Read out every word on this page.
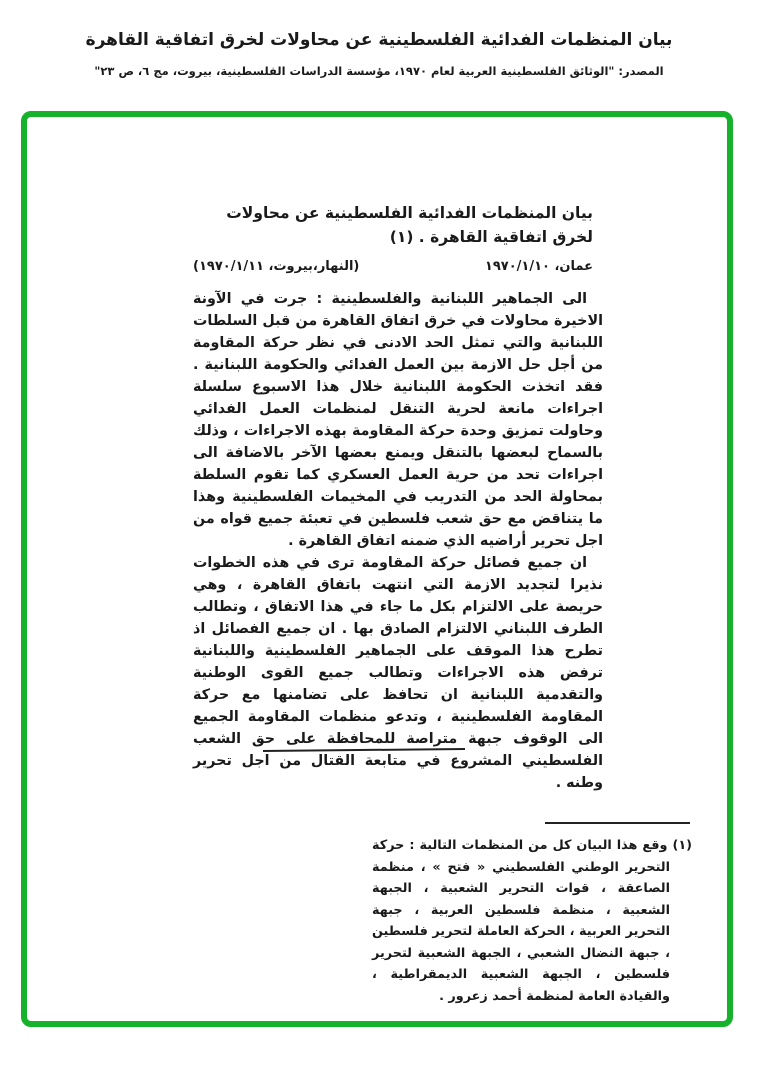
بيان المنظمات الفدائية الفلسطينية عن محاولات لخرق اتفاقية القاهرة
المصدر: "الوثائق الفلسطينية العربية لعام ١٩٧٠، مؤسسة الدراسات الفلسطينية، بيروت، مج ٦، ص ٢٣"
بيان المنظمات الفدائية الفلسطينية عن محاولات لخرق اتفاقية القاهرة . (١)
عمان، ١٩٧٠/١/١٠
(النهار،بيروت، ١٩٧٠/١/١١)

الى الجماهير اللبنانية والفلسطينية : جرت في الآونة الاخيرة محاولات في خرق اتفاق القاهرة من قبل السلطات اللبنانية والتي تمثل الحد الادنى في نظر حركة المقاومة من أجل حل الازمة بين العمل الفدائي والحكومة اللبنانية . فقد اتخذت الحكومة اللبنانية خلال هذا الاسبوع سلسلة اجراءات مانعة لحرية التنقل لمنظمات العمل الفدائي وحاولت تمزيق وحدة حركة المقاومة بهذه الاجراءات ، وذلك بالسماح لبعضها بالتنقل ويمنع بعضها الآخر بالاضافة الى اجراءات تحد من حرية العمل العسكري كما تقوم السلطة بمحاولة الحد من التدريب في المخيمات الفلسطينية وهذا ما يتناقض مع حق شعب فلسطين في تعبئة جميع قواه من اجل تحرير أراضيه الذي ضمنه اتفاق القاهرة .

ان جميع فصائل حركة المقاومة ترى في هذه الخطوات نذيرا لتجديد الازمة التي انتهت باتفاق القاهرة ، وهي حريصة على الالتزام بكل ما جاء في هذا الاتفاق ، وتطالب الطرف اللبناني الالتزام الصادق بها . ان جميع الفصائل اذ تطرح هذا الموقف على الجماهير الفلسطينية واللبنانية ترفض هذه الاجراءات وتطالب جميع القوى الوطنية والتقدمية اللبنانية ان تحافظ على تضامنها مع حركة المقاومة الفلسطينية ، وتدعو منظمات المقاومة الجميع الى الوقوف جبهة متراصة للمحافظة على حق الشعب الفلسطيني المشروع في متابعة القتال من اجل تحرير وطنه .

(١) وقع هذا البيان كل من المنظمات التالية : حركة التحرير الوطني الفلسطيني « فتح » ، منظمة الصاعقة ، قوات التحرير الشعبية ، الجبهة الشعبية ، منظمة فلسطين العربية ، جبهة التحرير العربية ، الحركة العاملة لتحرير فلسطين ، جبهة النضال الشعبي ، الجبهة الشعبية لتحرير فلسطين ، الجبهة الشعبية الديمقراطية ، والقيادة العامة لمنظمة أحمد زعرور .
